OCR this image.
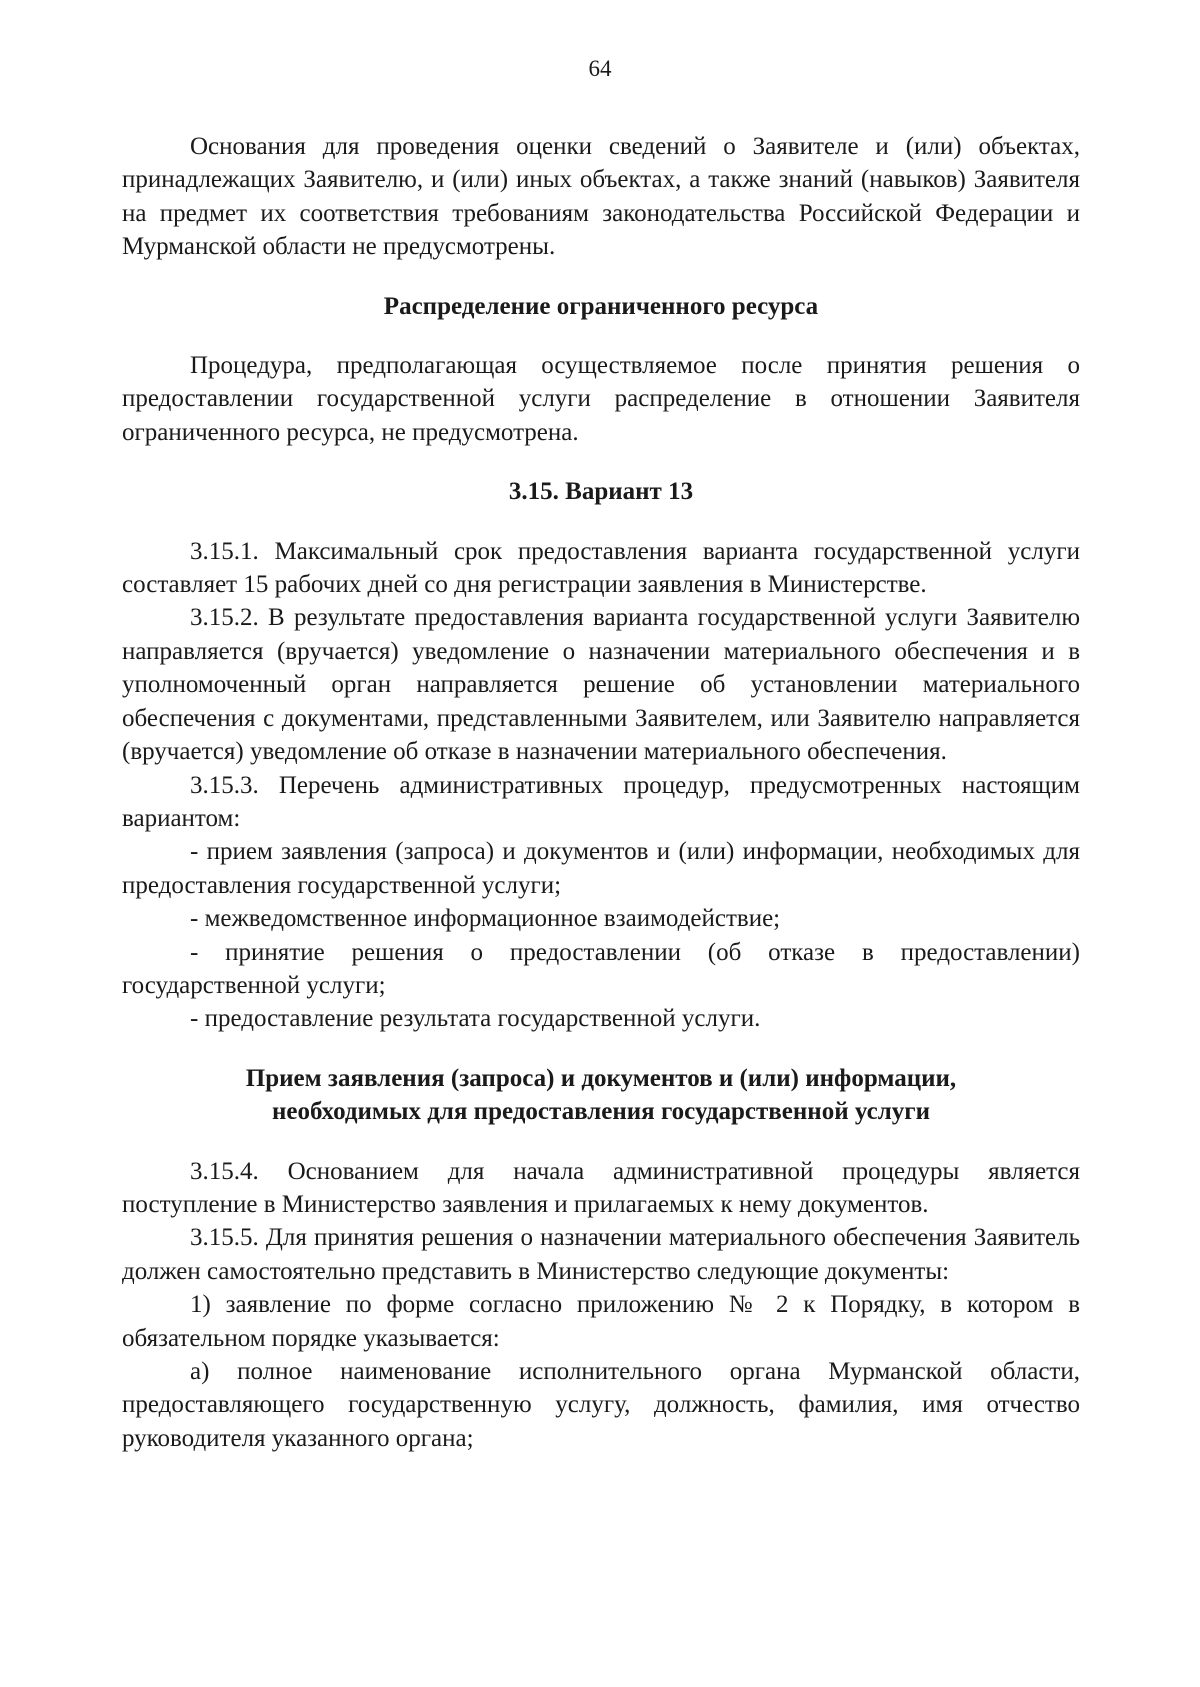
64

Основания для проведения оценки сведений о Заявителе и (или) объектах, принадлежащих Заявителю, и (или) иных объектах, а также знаний (навыков) Заявителя на предмет их соответствия требованиям законодательства Российской Федерации и Мурманской области не предусмотрены.

Распределение ограниченного ресурса

Процедура, предполагающая осуществляемое после принятия решения о предоставлении государственной услуги распределение в отношении Заявителя ограниченного ресурса, не предусмотрена.

3.15. Вариант 13

3.15.1. Максимальный срок предоставления варианта государственной услуги составляет 15 рабочих дней со дня регистрации заявления в Министерстве.

3.15.2. В результате предоставления варианта государственной услуги Заявителю направляется (вручается) уведомление о назначении материального обеспечения и в уполномоченный орган направляется решение об установлении материального обеспечения с документами, представленными Заявителем, или Заявителю направляется (вручается) уведомление об отказе в назначении материального обеспечения.

3.15.3. Перечень административных процедур, предусмотренных настоящим вариантом:

- прием заявления (запроса) и документов и (или) информации, необходимых для предоставления государственной услуги;

- межведомственное информационное взаимодействие;

- принятие решения о предоставлении (об отказе в предоставлении) государственной услуги;

- предоставление результата государственной услуги.

Прием заявления (запроса) и документов и (или) информации,
необходимых для предоставления государственной услуги

3.15.4. Основанием для начала административной процедуры является поступление в Министерство заявления и прилагаемых к нему документов.

3.15.5. Для принятия решения о назначении материального обеспечения Заявитель должен самостоятельно представить в Министерство следующие документы:

1) заявление по форме согласно приложению № 2 к Порядку, в котором в обязательном порядке указывается:

а) полное наименование исполнительного органа Мурманской области, предоставляющего государственную услугу, должность, фамилия, имя отчество руководителя указанного органа;
